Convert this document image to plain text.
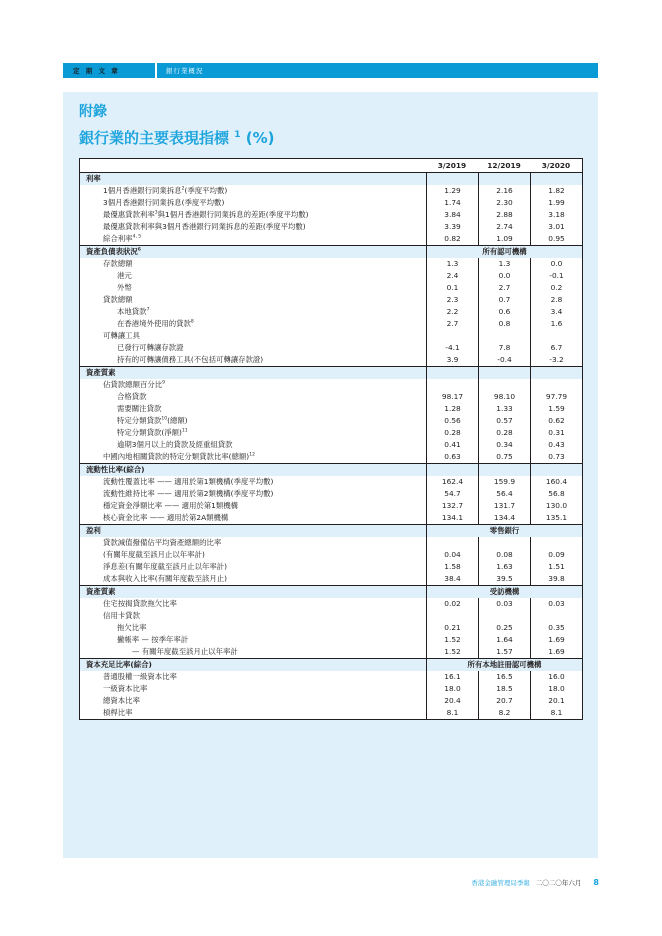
定 期 文 章	銀行業概況
附錄
銀行業的主要表現指標 $^1$ (%)
3/2019	12/2019	3/2020
利率
1個月香港銀行同業拆息$^2$(季度平均數)	1.29	2.16	1.82
3個月香港銀行同業拆息(季度平均數)	1.74	2.30	1.99
最優惠貸款利率$^3$與1個月香港銀行同業拆息的差距(季度平均數)	3.84	2.88	3.18
最優惠貸款利率與3個月香港銀行同業拆息的差距(季度平均數)	3.39	2.74	3.01
綜合利率$^{4, 5}$	0.82	1.09	0.95
資產負債表狀況$^6$	所有認可機構
存款總額	1.3	1.3	0.0
港元	2.4	0.0	-0.1
外幣	0.1	2.7	0.2
貸款總額	2.3	0.7	2.8
本地貸款$^7$	2.2	0.6	3.4
在香港境外使用的貸款$^8$	2.7	0.8	1.6
可轉讓工具
已發行可轉讓存款證	-4.1	7.8	6.7
持有的可轉讓債務工具(不包括可轉讓存款證)	3.9	-0.4	-3.2
資產質素
佔貸款總額百分比$^9$
合格貸款	98.17	98.10	97.79
需要關注貸款	1.28	1.33	1.59
特定分類貸款$^{10}$(總額)	0.56	0.57	0.62
特定分類貸款(淨額)$^{11}$	0.28	0.28	0.31
逾期3個月以上的貸款及經重組貸款	0.41	0.34	0.43
中國內地相關貸款的特定分類貸款比率(總額)$^{12}$	0.63	0.75	0.73
流動性比率(綜合)
流動性覆蓋比率 —— 適用於第1類機構(季度平均數)	162.4	159.9	160.4
流動性維持比率 —— 適用於第2類機構(季度平均數)	54.7	56.4	56.8
穩定資金淨額比率 —— 適用於第1類機構	132.7	131.7	130.0
核心資金比率 —— 適用於第2A類機構	134.1	134.4	135.1
盈利	零售銀行
貸款減值撥備佔平均資產總額的比率
(有關年度截至該月止以年率計)	0.04	0.08	0.09
淨息差(有關年度截至該月止以年率計)	1.58	1.63	1.51
成本與收入比率(有關年度截至該月止)	38.4	39.5	39.8
資產質素	受訪機構
住宅按揭貸款拖欠比率	0.02	0.03	0.03
信用卡貸款
拖欠比率	0.21	0.25	0.35
撇帳率 — 按季年率計	1.52	1.64	1.69
— 有關年度截至該月止以年率計	1.52	1.57	1.69
資本充足比率(綜合)	所有本地註冊認可機構
普通股權一級資本比率	16.1	16.5	16.0
一級資本比率	18.0	18.5	18.0
總資本比率	20.4	20.7	20.1
槓桿比率	8.1	8.2	8.1
香港金融管理局季報 二〇二〇年六月 8
